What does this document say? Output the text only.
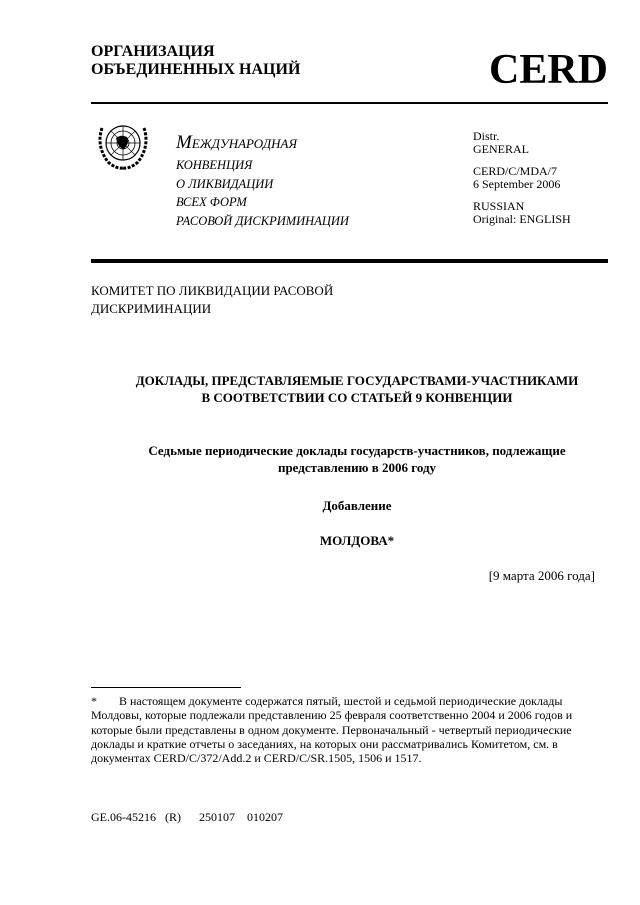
ОРГАНИЗАЦИЯ
ОБЪЕДИНЕННЫХ НАЦИЙ	CERD
МЕЖДУНАРОДНАЯ
КОНВЕНЦИЯ
О ЛИКВИДАЦИИ
ВСЕХ ФОРМ
РАСОВОЙ ДИСКРИМИНАЦИИ
Distr.
GENERAL
CERD/C/MDA/7
6 September 2006
RUSSIAN
Original: ENGLISH
КОМИТЕТ ПО ЛИКВИДАЦИИ РАСОВОЙ
ДИСКРИМИНАЦИИ
ДОКЛАДЫ, ПРЕДСТАВЛЯЕМЫЕ ГОСУДАРСТВАМИ-УЧАСТНИКАМИ
В СООТВЕТСТВИИ СО СТАТЬЕЙ 9 КОНВЕНЦИИ
Седьмые периодические доклады государств-участников, подлежащие
представлению в 2006 году
Добавление
МОЛДОВА*
[9 марта 2006 года]
* В настоящем документе содержатся пятый, шестой и седьмой периодические доклады Молдовы, которые подлежали представлению 25 февраля соответственно 2004 и 2006 годов и которые были представлены в одном документе. Первоначальный - четвертый периодические доклады и краткие отчеты о заседаниях, на которых они рассматривались Комитетом, см. в документах CERD/C/372/Add.2 и CERD/C/SR.1505, 1506 и 1517.
GE.06-45216   (R)      250107    010207
